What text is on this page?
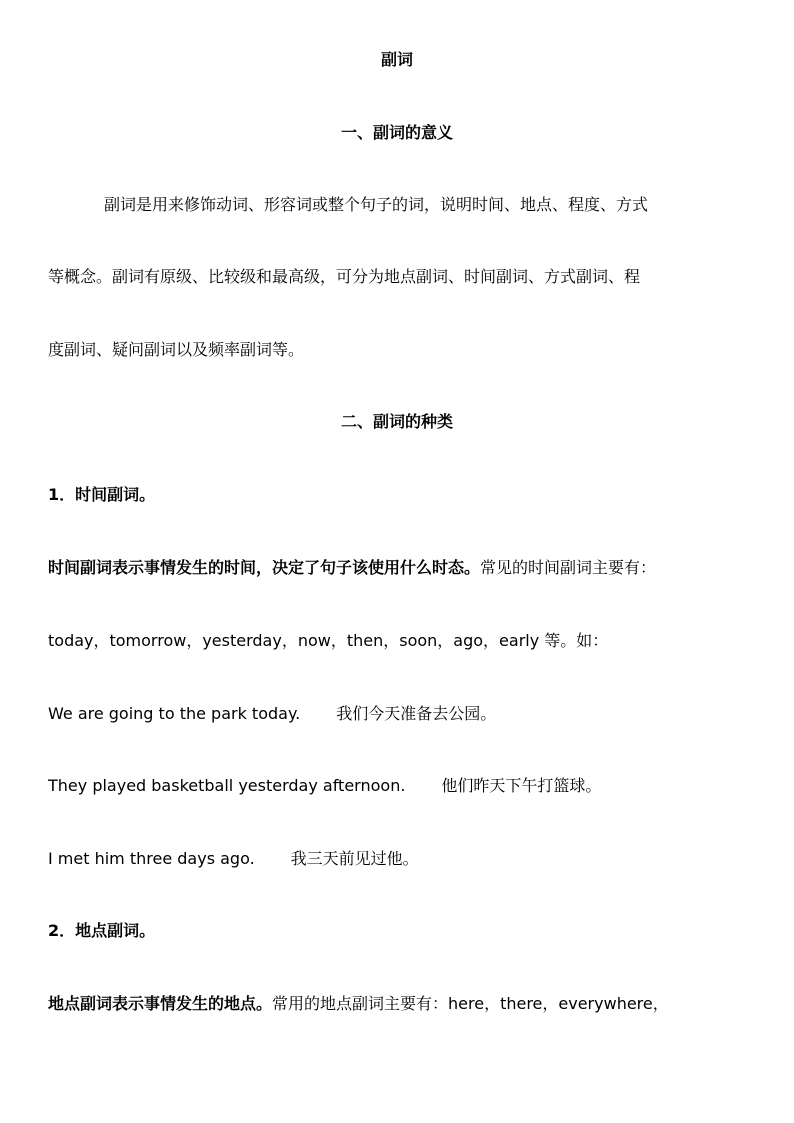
副词
一、副词的意义
副词是用来修饰动词、形容词或整个句子的词，说明时间、地点、程度、方式
等概念。副词有原级、比较级和最高级，可分为地点副词、时间副词、方式副词、程
度副词、疑问副词以及频率副词等。
二、副词的种类
1．时间副词。
时间副词表示事情发生的时间，决定了句子该使用什么时态。常见的时间副词主要有：
today，tomorrow，yesterday，now，then，soon，ago，early 等。如：
We are going to the park today. 我们今天准备去公园。
They played basketball yesterday afternoon. 他们昨天下午打篮球。
I met him three days ago. 我三天前见过他。
2．地点副词。
地点副词表示事情发生的地点。常用的地点副词主要有：here，there，everywhere，
